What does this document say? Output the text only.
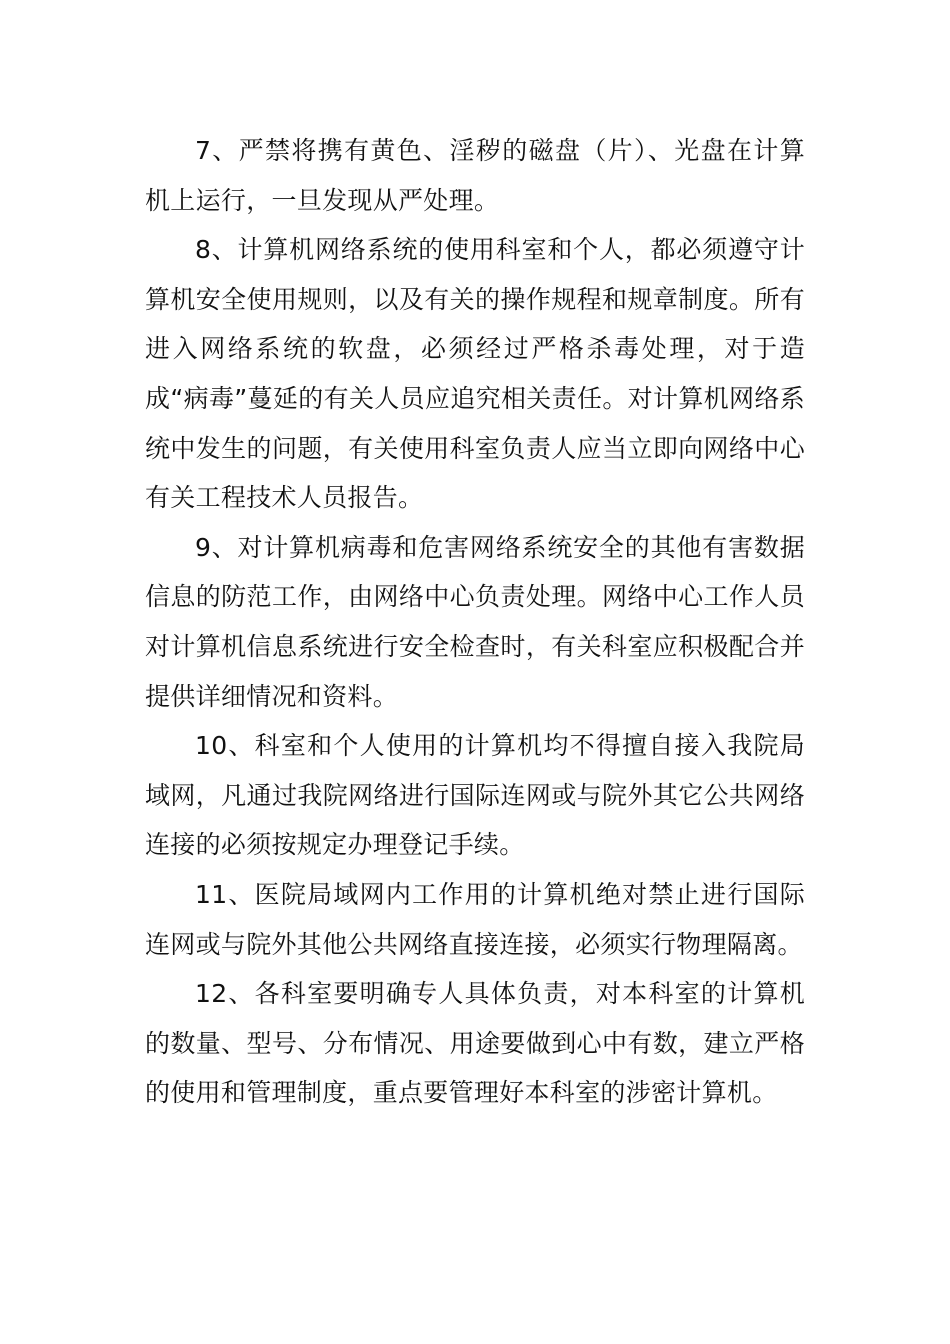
7、严禁将携有黄色、淫秽的磁盘（片）、光盘在计算机上运行，一旦发现从严处理。

8、计算机网络系统的使用科室和个人，都必须遵守计算机安全使用规则，以及有关的操作规程和规章制度。所有进入网络系统的软盘，必须经过严格杀毒处理，对于造成“病毒”蔓延的有关人员应追究相关责任。对计算机网络系统中发生的问题，有关使用科室负责人应当立即向网络中心有关工程技术人员报告。

9、对计算机病毒和危害网络系统安全的其他有害数据信息的防范工作，由网络中心负责处理。网络中心工作人员对计算机信息系统进行安全检查时，有关科室应积极配合并提供详细情况和资料。

10、科室和个人使用的计算机均不得擅自接入我院局域网，凡通过我院网络进行国际连网或与院外其它公共网络连接的必须按规定办理登记手续。

11、医院局域网内工作用的计算机绝对禁止进行国际连网或与院外其他公共网络直接连接，必须实行物理隔离。

12、各科室要明确专人具体负责，对本科室的计算机的数量、型号、分布情况、用途要做到心中有数，建立严格的使用和管理制度，重点要管理好本科室的涉密计算机。
